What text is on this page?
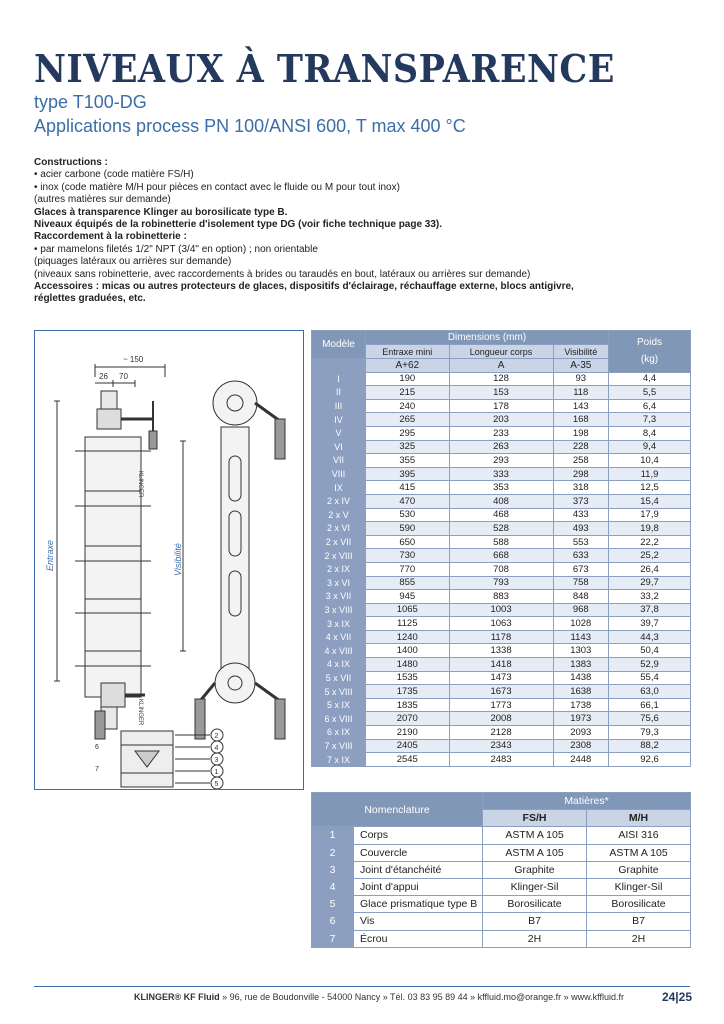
NIVEAUX À TRANSPARENCE
type T100-DG
Applications process PN 100/ANSI 600, T max 400 °C

Constructions :

• acier carbone (code matière FS/H)

• inox (code matière M/H pour pièces en contact avec le fluide ou M pour tout inox)

(autres matières sur demande)

Glaces à transparence Klinger au borosilicate type B.

Niveaux équipés de la robinetterie d'isolement type DG (voir fiche technique page 33).

Raccordement à la robinetterie :

• par mamelons filetés 1/2" NPT (3/4" en option) ; non orientable

(piquages latéraux ou arrières sur demande)

(niveaux sans robinetterie, avec raccordements à brides ou taraudés en bout, latéraux ou arrières sur demande)

Accessoires : micas ou autres protecteurs de glaces, dispositifs d'éclairage, réchauffage externe, blocs antigivre,

réglettes graduées, etc.

~ 150
26 70
Entraxe	Visibilité
KLINGER
KLINGER
2
4
3
1
5
6
7
Modèle	Dimensions (mm)			Poids
(kg)

	Entraxe mini	Longueur corps	Visibilité	
	A+62	A	A-35	
I	190	128	93	4,4
II	215	153	118	5,5
III	240	178	143	6,4
IV	265	203	168	7,3
V	295	233	198	8,4
VI	325	263	228	9,4
VII	355	293	258	10,4
VIII	395	333	298	11,9
IX	415	353	318	12,5
2 x IV	470	408	373	15,4
2 x V	530	468	433	17,9
2 x VI	590	528	493	19,8
2 x VII	650	588	553	22,2
2 x VIII	730	668	633	25,2
2 x IX	770	708	673	26,4
3 x VI	855	793	758	29,7
3 x VII	945	883	848	33,2
3 x VIII	1065	1003	968	37,8
3 x IX	1125	1063	1028	39,7
4 x VII	1240	1178	1143	44,3
4 x VIII	1400	1338	1303	50,4
4 x IX	1480	1418	1383	52,9
5 x VII	1535	1473	1438	55,4
5 x VIII	1735	1673	1638	63,0
5 x IX	1835	1773	1738	66,1
6 x VIII	2070	2008	1973	75,6
6 x IX	2190	2128	2093	79,3
7 x VIII	2405	2343	2308	88,2
7 x IX	2545	2483	2448	92,6
Nomenclature		Matières*	
		FS/H	M/H
1	Corps	ASTM A 105	AISI 316
2	Couvercle	ASTM A 105	ASTM A 105
3	Joint d'étanchéité	Graphite	Graphite
4	Joint d'appui	Klinger-Sil	Klinger-Sil
5	Glace prismatique type B	Borosilicate	Borosilicate
6	Vis	B7	B7
7	Écrou	2H	2H
KLINGER® KF Fluid » 96, rue de Boudonville - 54000 Nancy » Tél. 03 83 95 89 44 » kffluid.mo@orange.fr » www.kffluid.fr	24|25
